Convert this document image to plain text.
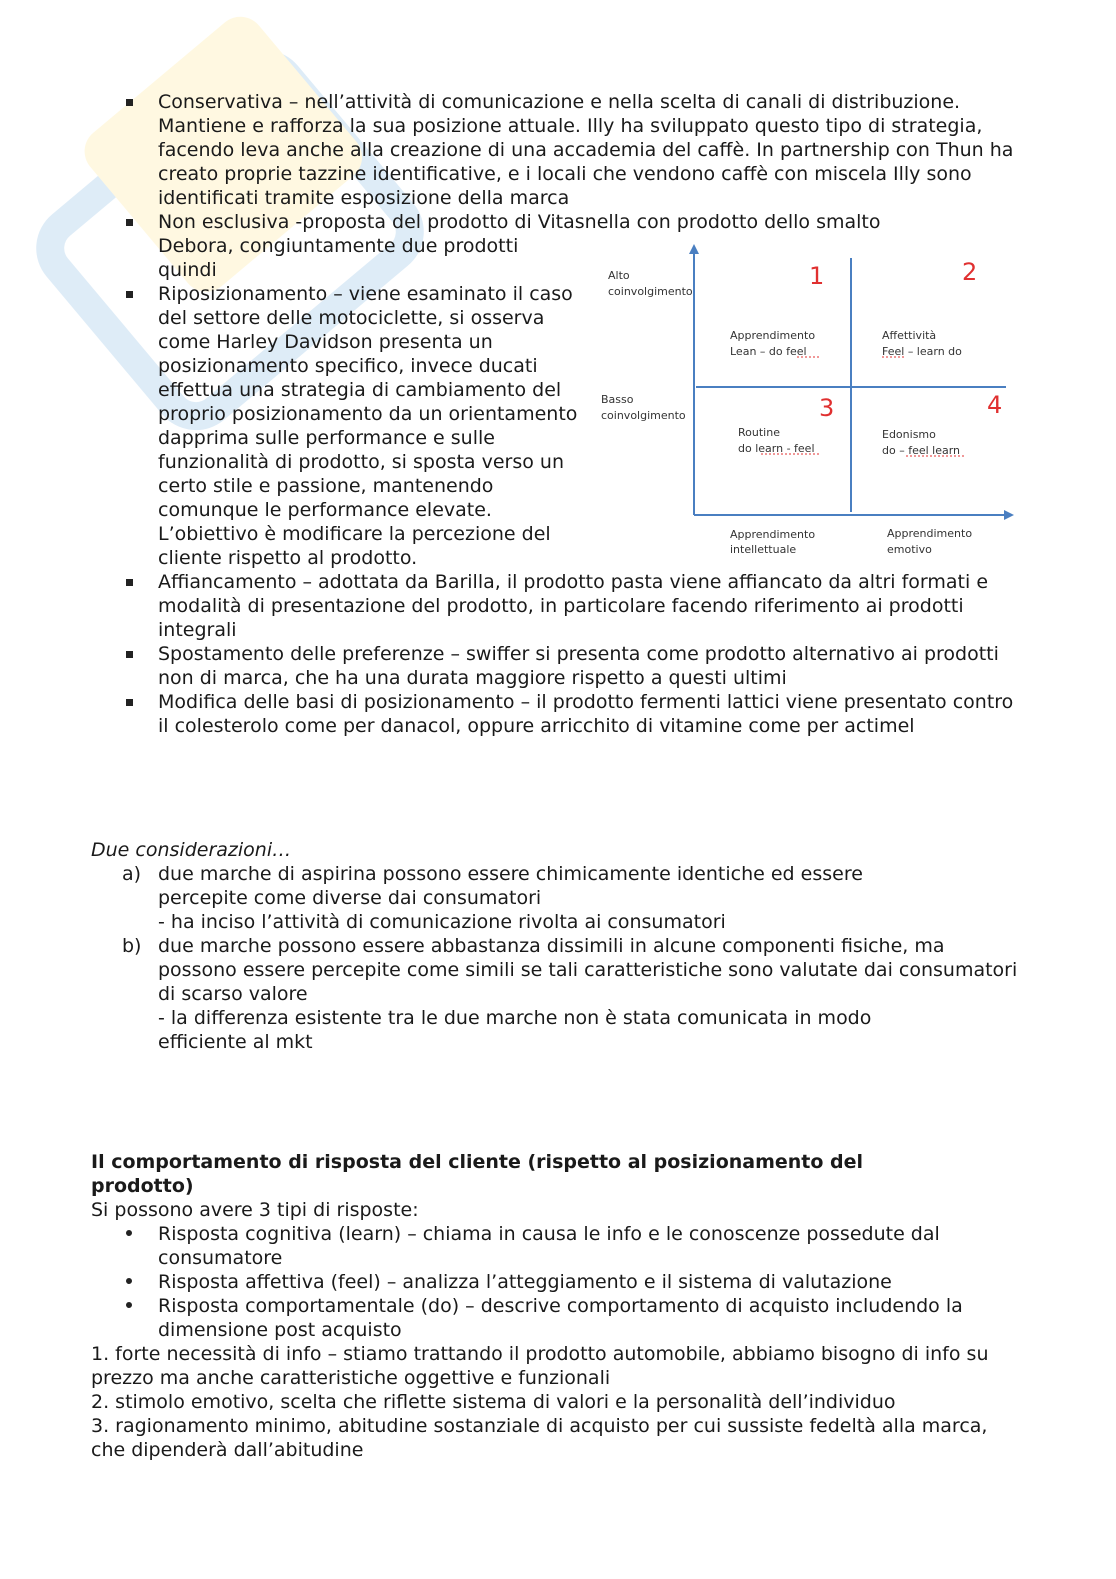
Conservativa – nell’attività di comunicazione e nella scelta di canali di distribuzione. Mantiene e rafforza la sua posizione attuale. Illy ha sviluppato questo tipo di strategia, facendo leva anche alla creazione di una accademia del caffè. In partnership con Thun ha creato proprie tazzine identificative, e i locali che vendono caffè con miscela Illy sono identificati tramite esposizione della marca
Non esclusiva -proposta del prodotto di Vitasnella con prodotto dello smalto
Debora, congiuntamente due prodotti quindi
Riposizionamento – viene esaminato il caso del settore delle motociclette, si osserva come Harley Davidson presenta un posizionamento specifico, invece ducati effettua una strategia di cambiamento del proprio posizionamento da un orientamento dapprima sulle performance e sulle funzionalità di prodotto, si sposta verso un certo stile e passione, mantenendo comunque le performance elevate. L’obiettivo è modificare la percezione del cliente rispetto al prodotto.
Affiancamento – adottata da Barilla, il prodotto pasta viene affiancato da altri formati e modalità di presentazione del prodotto, in particolare facendo riferimento ai prodotti integrali
Spostamento delle preferenze – swiffer si presenta come prodotto alternativo ai prodotti non di marca, che ha una durata maggiore rispetto a questi ultimi
Modifica delle basi di posizionamento – il prodotto fermenti lattici viene presentato contro il colesterolo come per danacol, oppure arricchito di vitamine come per actimel
Alto
coinvolgimento
Basso
coinvolgimento
1	2
3	4
Apprendimento
Lean – do feel
Affettività
Feel – learn do
Routine
do learn - feel
Edonismo
do – feel learn
Apprendimento
intellettuale
Apprendimento
emotivo
Due considerazioni…
a) due marche di aspirina possono essere chimicamente identiche ed essere percepite come diverse dai consumatori
- ha inciso l’attività di comunicazione rivolta ai consumatori
b) due marche possono essere abbastanza dissimili in alcune componenti fisiche, ma possono essere percepite come simili se tali caratteristiche sono valutate dai consumatori di scarso valore
- la differenza esistente tra le due marche non è stata comunicata in modo efficiente al mkt
Il comportamento di risposta del cliente (rispetto al posizionamento del prodotto)
Si possono avere 3 tipi di risposte:
Risposta cognitiva (learn) – chiama in causa le info e le conoscenze possedute dal consumatore
Risposta affettiva (feel) – analizza l’atteggiamento e il sistema di valutazione
Risposta comportamentale (do) – descrive comportamento di acquisto includendo la dimensione post acquisto
1. forte necessità di info – stiamo trattando il prodotto automobile, abbiamo bisogno di info su prezzo ma anche caratteristiche oggettive e funzionali
2. stimolo emotivo, scelta che riflette sistema di valori e la personalità dell’individuo
3. ragionamento minimo, abitudine sostanziale di acquisto per cui sussiste fedeltà alla marca, che dipenderà dall’abitudine
